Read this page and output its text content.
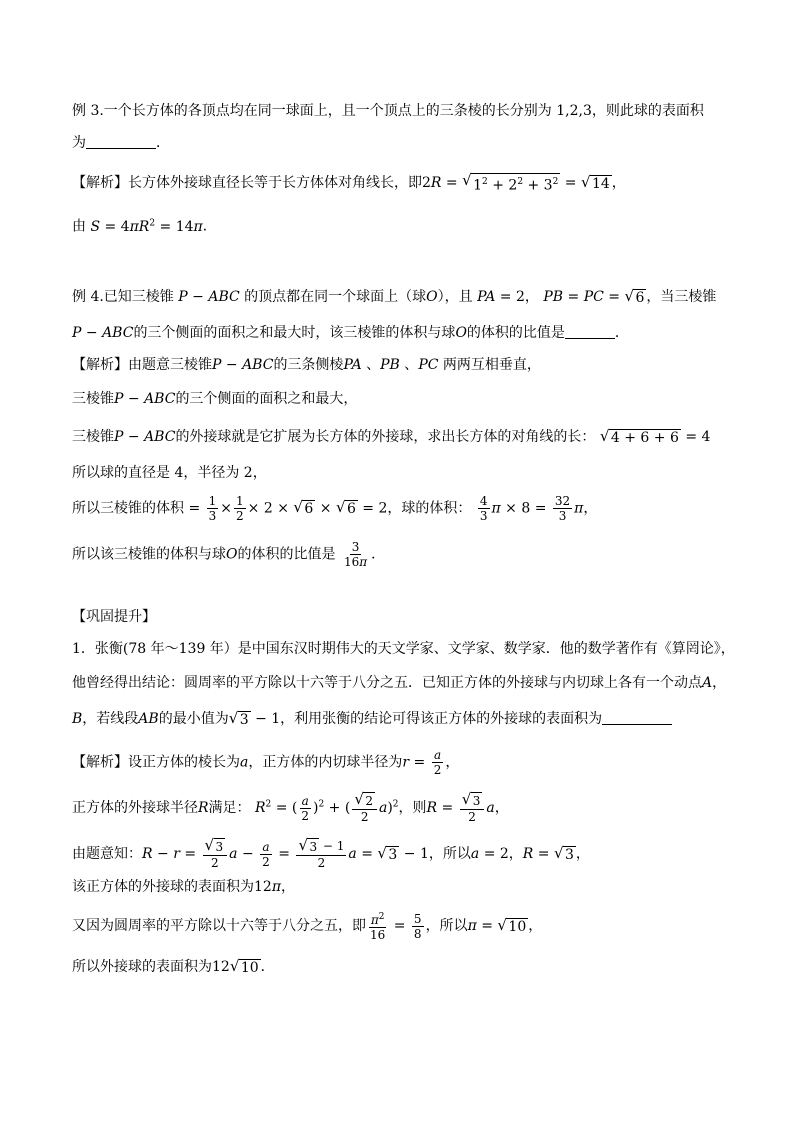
例 3.一个长方体的各顶点均在同一球面上，且一个顶点上的三条棱的长分别为 1,2,3，则此球的表面积
为	．
【解析】长方体外接球直径长等于长方体体对角线长，即2R = √ $1^2 + 2^2 + 3^2$ = √ 14 ，
由 $S = 4\pi R^2 = 14\pi$．
例 4.已知三棱锥 P − ABC 的顶点都在同一个球面上（球O），且 PA = 2， PB = PC = √ 6 ，当三棱锥
P − ABC的三个侧面的面积之和最大时，该三棱锥的体积与球O的体积的比值是	．
【解析】由题意三棱锥P − ABC的三条侧棱PA 、PB 、PC 两两互相垂直，
三棱锥P − ABC的三个侧面的面积之和最大，
三棱锥P − ABC的外接球就是它扩展为长方体的外接球，求出长方体的对角线的长： √ 4 + 6 + 6 = 4
所以球的直径是 4，半径为 2，
所以三棱锥的体积 = $\frac{1}{3} \times \frac{1}{2} \times 2$ × √ 6 × √ 6 = 2，球的体积： $\frac{4}{3}$ $\pi \times 8 = \frac{32}{3}$ π，
所以该三棱锥的体积与球O的体积的比值是 $\frac{3}{16\pi}$ ．
【巩固提升】
1．张衡(78 年～139 年）是中国东汉时期伟大的天文学家、文学家、数学家．他的数学著作有《算罔论》，
他曾经得出结论：圆周率的平方除以十六等于八分之五．已知正方体的外接球与内切球上各有一个动点A，
B，若线段AB的最小值为 √ 3 − 1，利用张衡的结论可得该正方体的外接球的表面积为
【解析】设正方体的棱长为a，正方体的内切球半径为$r = \frac{a}{2}$ ，
正方体的外接球半径R满足： $R^2$ = ( $\frac{a}{2} )^2$ + ( √ $\frac{2}{2} a)^2$，则R = √ $\frac{3}{2}$ a，
由题意知：R − r = √ $\frac{3}{2}$ $a - \frac{a}{2}$ = √ $\frac{3 - 1}{2}$ a = √ 3 − 1，所以a = 2，R = √ 3 ，
该正方体的外接球的表面积为12π，
又因为圆周率的平方除以十六等于八分之五，即 $\frac{\pi^2}{16} = \frac{5}{8}$ ，所以π = √ 10 ，
所以外接球的表面积为12 √ 10 ．
